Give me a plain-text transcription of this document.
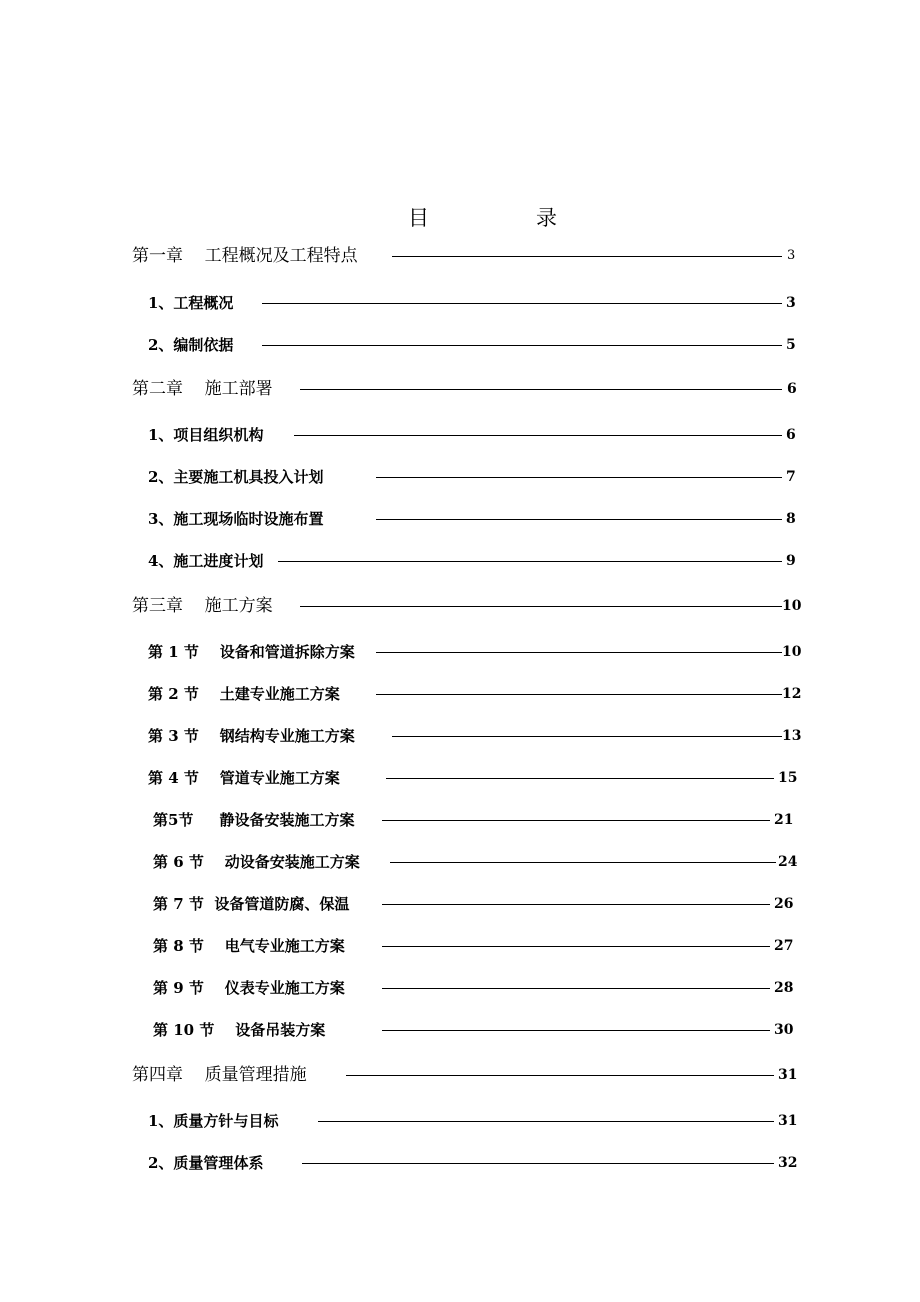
目	录
第一章    工程概况及工程特点	3
1、工程概况	3
2、编制依据	5
第二章    施工部署	6
1、项目组织机构	6
2、主要施工机具投入计划	7
3、施工现场临时设施布置	8
4、施工进度计划	9
第三章    施工方案	10
第 1 节    设备和管道拆除方案	10
第 2 节    土建专业施工方案	12
第 3 节    钢结构专业施工方案	13
第 4 节    管道专业施工方案	15
第5节     静设备安装施工方案	21
第 6 节    动设备安装施工方案	24
第 7 节  设备管道防腐、保温	26
第 8 节    电气专业施工方案	27
第 9 节    仪表专业施工方案	28
第 10 节    设备吊装方案	30
第四章    质量管理措施	31
1、质量方针与目标	31
2、质量管理体系	32
